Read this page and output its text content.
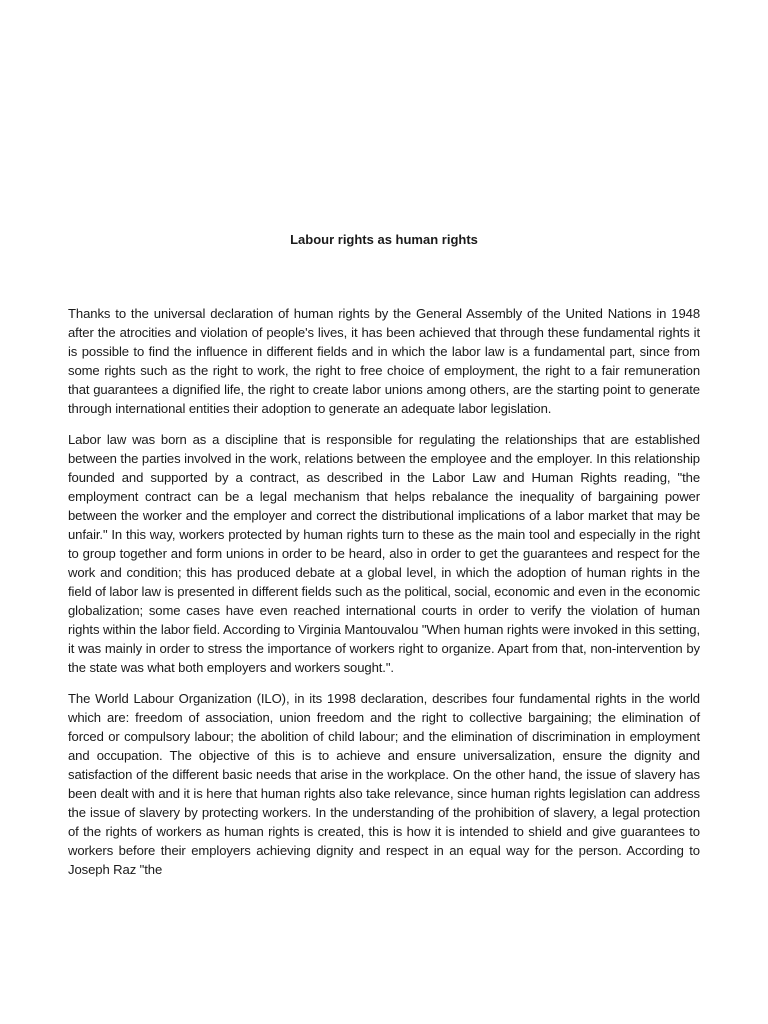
Labour rights as human rights

Thanks to the universal declaration of human rights by the General Assembly of the United Nations in 1948 after the atrocities and violation of people's lives, it has been achieved that through these fundamental rights it is possible to find the influence in different fields and in which the labor law is a fundamental part, since from some rights such as the right to work, the right to free choice of employment, the right to a fair remuneration that guarantees a dignified life, the right to create labor unions among others, are the starting point to generate through international entities their adoption to generate an adequate labor legislation.

Labor law was born as a discipline that is responsible for regulating the relationships that are established between the parties involved in the work, relations between the employee and the employer. In this relationship founded and supported by a contract, as described in the Labor Law and Human Rights reading, "the employment contract can be a legal mechanism that helps rebalance the inequality of bargaining power between the worker and the employer and correct the distributional implications of a labor market that may be unfair." In this way, workers protected by human rights turn to these as the main tool and especially in the right to group together and form unions in order to be heard, also in order to get the guarantees and respect for the work and condition; this has produced debate at a global level, in which the adoption of human rights in the field of labor law is presented in different fields such as the political, social, economic and even in the economic globalization; some cases have even reached international courts in order to verify the violation of human rights within the labor field. According to Virginia Mantouvalou "When human rights were invoked in this setting, it was mainly in order to stress the importance of workers right to organize. Apart from that, non-intervention by the state was what both employers and workers sought.".

The World Labour Organization (ILO), in its 1998 declaration, describes four fundamental rights in the world which are: freedom of association, union freedom and the right to collective bargaining; the elimination of forced or compulsory labour; the abolition of child labour; and the elimination of discrimination in employment and occupation. The objective of this is to achieve and ensure universalization, ensure the dignity and satisfaction of the different basic needs that arise in the workplace. On the other hand, the issue of slavery has been dealt with and it is here that human rights also take relevance, since human rights legislation can address the issue of slavery by protecting workers. In the understanding of the prohibition of slavery, a legal protection of the rights of workers as human rights is created, this is how it is intended to shield and give guarantees to workers before their employers achieving dignity and respect in an equal way for the person. According to Joseph Raz "the
